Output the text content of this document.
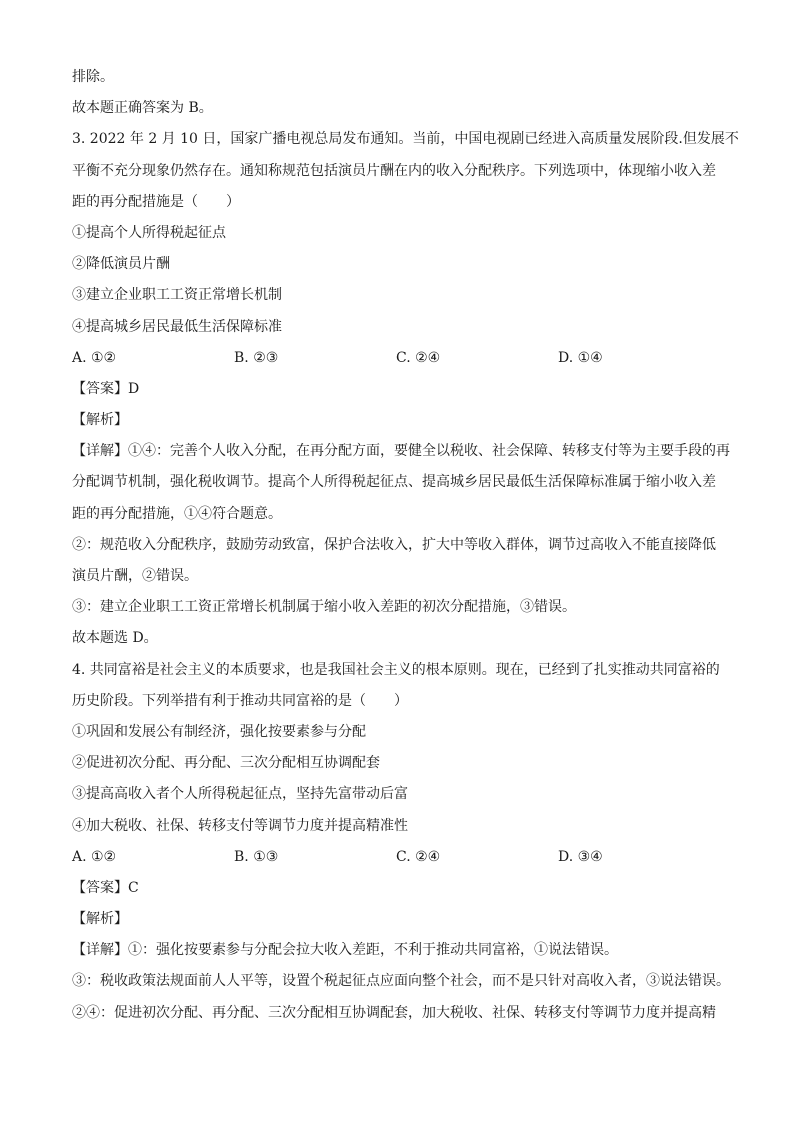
排除。
故本题正确答案为 B。
3. 2022 年 2 月 10 日，国家广播电视总局发布通知。当前，中国电视剧已经进入高质量发展阶段.但发展不
平衡不充分现象仍然存在。通知称规范包括演员片酬在内的收入分配秩序。下列选项中，体现缩小收入差
距的再分配措施是（　　）
①提高个人所得税起征点
②降低演员片酬
③建立企业职工工资正常增长机制
④提高城乡居民最低生活保障标准
A. ①②	B. ②③	C. ②④	D. ①④
【答案】D
【解析】
【详解】①④：完善个人收入分配，在再分配方面，要健全以税收、社会保障、转移支付等为主要手段的再
分配调节机制，强化税收调节。提高个人所得税起征点、提高城乡居民最低生活保障标准属于缩小收入差
距的再分配措施，①④符合题意。
②：规范收入分配秩序，鼓励劳动致富，保护合法收入，扩大中等收入群体，调节过高收入不能直接降低
演员片酬，②错误。
③：建立企业职工工资正常增长机制属于缩小收入差距的初次分配措施，③错误。
故本题选 D。
4. 共同富裕是社会主义的本质要求，也是我国社会主义的根本原则。现在，已经到了扎实推动共同富裕的
历史阶段。下列举措有利于推动共同富裕的是（　　）
①巩固和发展公有制经济，强化按要素参与分配
②促进初次分配、再分配、三次分配相互协调配套
③提高高收入者个人所得税起征点，坚持先富带动后富
④加大税收、社保、转移支付等调节力度并提高精准性
A. ①②	B. ①③	C. ②④	D. ③④
【答案】C
【解析】
【详解】①：强化按要素参与分配会拉大收入差距，不利于推动共同富裕，①说法错误。
③：税收政策法规面前人人平等，设置个税起征点应面向整个社会，而不是只针对高收入者，③说法错误。
②④：促进初次分配、再分配、三次分配相互协调配套，加大税收、社保、转移支付等调节力度并提高精
